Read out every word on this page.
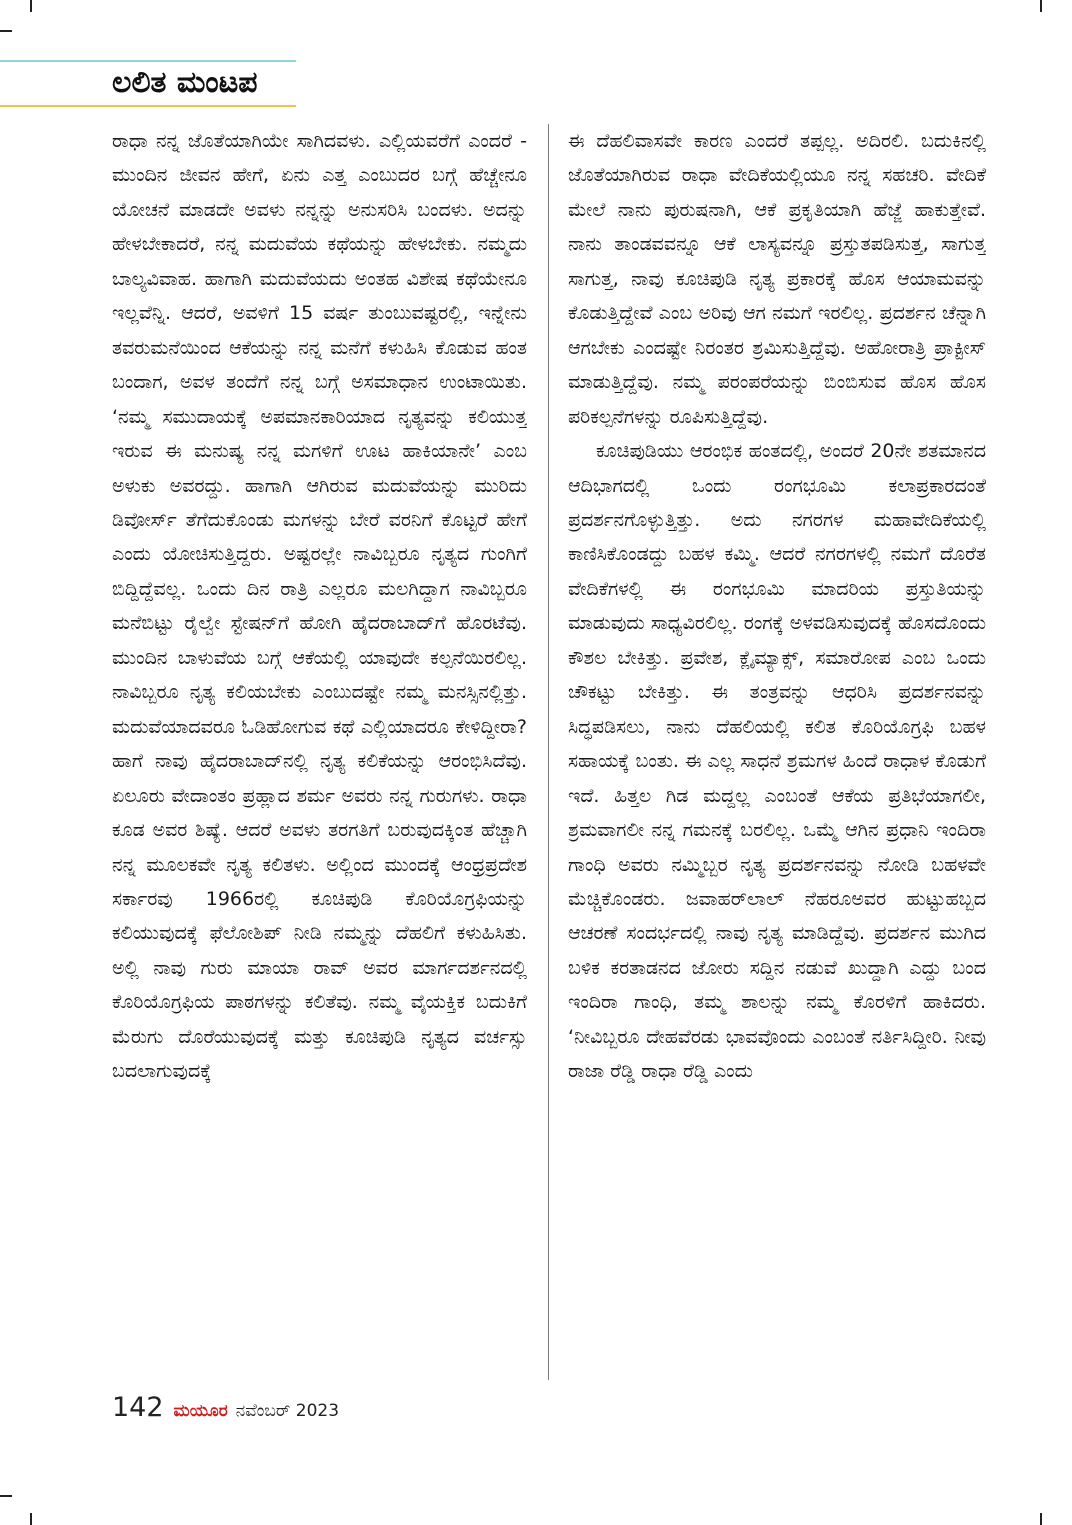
ಲಲಿತ ಮಂಟಪ

ರಾಧಾ ನನ್ನ ಜೊತೆಯಾಗಿಯೇ ಸಾಗಿದವಳು. ಎಲ್ಲಿಯವರೆಗೆ ಎಂದರೆ - ಮುಂದಿನ ಜೀವನ ಹೇಗೆ, ಏನು ಎತ್ತ ಎಂಬುದರ ಬಗ್ಗೆ ಹೆಚ್ಚೇನೂ ಯೋಚನೆ ಮಾಡದೇ ಅವಳು ನನ್ನನ್ನು ಅನುಸರಿಸಿ ಬಂದಳು. ಅದನ್ನು ಹೇಳಬೇಕಾದರೆ, ನನ್ನ ಮದುವೆಯ ಕಥೆಯನ್ನು ಹೇಳಬೇಕು. ನಮ್ಮದು ಬಾಲ್ಯವಿವಾಹ. ಹಾಗಾಗಿ ಮದುವೆಯದು ಅಂತಹ ವಿಶೇಷ ಕಥೆಯೇನೂ ಇಲ್ಲವೆನ್ನಿ. ಆದರೆ, ಅವಳಿಗೆ 15 ವರ್ಷ ತುಂಬುವಷ್ಟರಲ್ಲಿ, ಇನ್ನೇನು ತವರುಮನೆಯಿಂದ ಆಕೆಯನ್ನು ನನ್ನ ಮನೆಗೆ ಕಳುಹಿಸಿ ಕೊಡುವ ಹಂತ ಬಂದಾಗ, ಅವಳ ತಂದೆಗೆ ನನ್ನ ಬಗ್ಗೆ ಅಸಮಾಧಾನ ಉಂಟಾಯಿತು. ‘ನಮ್ಮ ಸಮುದಾಯಕ್ಕೆ ಅಪಮಾನಕಾರಿಯಾದ ನೃತ್ಯವನ್ನು ಕಲಿಯುತ್ತ ಇರುವ ಈ ಮನುಷ್ಯ ನನ್ನ ಮಗಳಿಗೆ ಊಟ ಹಾಕಿಯಾನೇ’ ಎಂಬ ಅಳುಕು ಅವರದ್ದು. ಹಾಗಾಗಿ ಆಗಿರುವ ಮದುವೆಯನ್ನು ಮುರಿದು ಡಿವೋರ್ಸ್ ತೆಗೆದುಕೊಂಡು ಮಗಳನ್ನು ಬೇರೆ ವರನಿಗೆ ಕೊಟ್ಟರೆ ಹೇಗೆ ಎಂದು ಯೋಚಿಸುತ್ತಿದ್ದರು. ಅಷ್ಟರಲ್ಲೇ ನಾವಿಬ್ಬರೂ ನೃತ್ಯದ ಗುಂಗಿಗೆ ಬಿದ್ದಿದ್ದೆವಲ್ಲ. ಒಂದು ದಿನ ರಾತ್ರಿ ಎಲ್ಲರೂ ಮಲಗಿದ್ದಾಗ ನಾವಿಬ್ಬರೂ ಮನೆಬಿಟ್ಟು ರೈಲ್ವೇ ಸ್ಟೇಷನ್‌ಗೆ ಹೋಗಿ ಹೈದರಾಬಾದ್‌ಗೆ ಹೊರಟೆವು. ಮುಂದಿನ ಬಾಳುವೆಯ ಬಗ್ಗೆ ಆಕೆಯಲ್ಲಿ ಯಾವುದೇ ಕಲ್ಪನೆಯಿರಲಿಲ್ಲ. ನಾವಿಬ್ಬರೂ ನೃತ್ಯ ಕಲಿಯಬೇಕು ಎಂಬುದಷ್ಟೇ ನಮ್ಮ ಮನಸ್ಸಿನಲ್ಲಿತ್ತು. ಮದುವೆಯಾದವರೂ ಓಡಿಹೋಗುವ ಕಥೆ ಎಲ್ಲಿಯಾದರೂ ಕೇಳಿದ್ದೀರಾ? ಹಾಗೆ ನಾವು ಹೈದರಾಬಾದ್‌ನಲ್ಲಿ ನೃತ್ಯ ಕಲಿಕೆಯನ್ನು ಆರಂಭಿಸಿದೆವು. ಏಲೂರು ವೇದಾಂತಂ ಪ್ರಹ್ಲಾದ ಶರ್ಮ ಅವರು ನನ್ನ ಗುರುಗಳು. ರಾಧಾ ಕೂಡ ಅವರ ಶಿಷ್ಯೆ. ಆದರೆ ಅವಳು ತರಗತಿಗೆ ಬರುವುದಕ್ಕಿಂತ ಹೆಚ್ಚಾಗಿ ನನ್ನ ಮೂಲಕವೇ ನೃತ್ಯ ಕಲಿತಳು. ಅಲ್ಲಿಂದ ಮುಂದಕ್ಕೆ ಆಂಧ್ರಪ್ರದೇಶ ಸರ್ಕಾರವು 1966ರಲ್ಲಿ ಕೂಚಿಪುಡಿ ಕೊರಿಯೊಗ್ರಫಿಯನ್ನು ಕಲಿಯುವುದಕ್ಕೆ ಫೆಲೋಶಿಪ್ ನೀಡಿ ನಮ್ಮನ್ನು ದೆಹಲಿಗೆ ಕಳುಹಿಸಿತು. ಅಲ್ಲಿ ನಾವು ಗುರು ಮಾಯಾ ರಾವ್ ಅವರ ಮಾರ್ಗದರ್ಶನದಲ್ಲಿ ಕೊರಿಯೊಗ್ರಫಿಯ ಪಾಠಗಳನ್ನು ಕಲಿತೆವು. ನಮ್ಮ ವೈಯಕ್ತಿಕ ಬದುಕಿಗೆ ಮೆರುಗು ದೊರೆಯುವುದಕ್ಕೆ ಮತ್ತು ಕೂಚಿಪುಡಿ ನೃತ್ಯದ ವರ್ಚಸ್ಸು ಬದಲಾಗುವುದಕ್ಕೆ

ಈ ದೆಹಲಿವಾಸವೇ ಕಾರಣ ಎಂದರೆ ತಪ್ಪಲ್ಲ. ಅದಿರಲಿ. ಬದುಕಿನಲ್ಲಿ ಜೊತೆಯಾಗಿರುವ ರಾಧಾ ವೇದಿಕೆಯಲ್ಲಿಯೂ ನನ್ನ ಸಹಚರಿ. ವೇದಿಕೆ ಮೇಲೆ ನಾನು ಪುರುಷನಾಗಿ, ಆಕೆ ಪ್ರಕೃತಿಯಾಗಿ ಹೆಜ್ಜೆ ಹಾಕುತ್ತೇವೆ. ನಾನು ತಾಂಡವವನ್ನೂ ಆಕೆ ಲಾಸ್ಯವನ್ನೂ ಪ್ರಸ್ತುತಪಡಿಸುತ್ತ, ಸಾಗುತ್ತ ಸಾಗುತ್ತ, ನಾವು ಕೂಚಿಪುಡಿ ನೃತ್ಯ ಪ್ರಕಾರಕ್ಕೆ ಹೊಸ ಆಯಾಮವನ್ನು ಕೊಡುತ್ತಿದ್ದೇವೆ ಎಂಬ ಅರಿವು ಆಗ ನಮಗೆ ಇರಲಿಲ್ಲ. ಪ್ರದರ್ಶನ ಚೆನ್ನಾಗಿ ಆಗಬೇಕು ಎಂದಷ್ಟೇ ನಿರಂತರ ಶ್ರಮಿಸುತ್ತಿದ್ದೆವು. ಅಹೋರಾತ್ರಿ ಪ್ರಾಕ್ಟೀಸ್ ಮಾಡುತ್ತಿದ್ದೆವು. ನಮ್ಮ ಪರಂಪರೆಯನ್ನು ಬಿಂಬಿಸುವ ಹೊಸ ಹೊಸ ಪರಿಕಲ್ಪನೆಗಳನ್ನು ರೂಪಿಸುತ್ತಿದ್ದೆವು.

ಕೂಚಿಪುಡಿಯು ಆರಂಭಿಕ ಹಂತದಲ್ಲಿ, ಅಂದರೆ 20ನೇ ಶತಮಾನದ ಆದಿಭಾಗದಲ್ಲಿ ಒಂದು ರಂಗಭೂಮಿ ಕಲಾಪ್ರಕಾರದಂತೆ ಪ್ರದರ್ಶನಗೊಳ್ಳುತ್ತಿತ್ತು. ಅದು ನಗರಗಳ ಮಹಾವೇದಿಕೆಯಲ್ಲಿ ಕಾಣಿಸಿಕೊಂಡದ್ದು ಬಹಳ ಕಮ್ಮಿ. ಆದರೆ ನಗರಗಳಲ್ಲಿ ನಮಗೆ ದೊರೆತ ವೇದಿಕೆಗಳಲ್ಲಿ ಈ ರಂಗಭೂಮಿ ಮಾದರಿಯ ಪ್ರಸ್ತುತಿಯನ್ನು ಮಾಡುವುದು ಸಾಧ್ಯವಿರಲಿಲ್ಲ. ರಂಗಕ್ಕೆ ಅಳವಡಿಸುವುದಕ್ಕೆ ಹೊಸದೊಂದು ಕೌಶಲ ಬೇಕಿತ್ತು. ಪ್ರವೇಶ, ಕ್ಲೈಮ್ಯಾಕ್ಸ್, ಸಮಾರೋಪ ಎಂಬ ಒಂದು ಚೌಕಟ್ಟು ಬೇಕಿತ್ತು. ಈ ತಂತ್ರವನ್ನು ಆಧರಿಸಿ ಪ್ರದರ್ಶನವನ್ನು ಸಿದ್ಧಪಡಿಸಲು, ನಾನು ದೆಹಲಿಯಲ್ಲಿ ಕಲಿತ ಕೊರಿಯೊಗ್ರಫಿ ಬಹಳ ಸಹಾಯಕ್ಕೆ ಬಂತು. ಈ ಎಲ್ಲ ಸಾಧನೆ ಶ್ರಮಗಳ ಹಿಂದೆ ರಾಧಾಳ ಕೊಡುಗೆ ಇದೆ. ಹಿತ್ತಲ ಗಿಡ ಮದ್ದಲ್ಲ ಎಂಬಂತೆ ಆಕೆಯ ಪ್ರತಿಭೆಯಾಗಲೀ, ಶ್ರಮವಾಗಲೀ ನನ್ನ ಗಮನಕ್ಕೆ ಬರಲಿಲ್ಲ. ಒಮ್ಮೆ ಆಗಿನ ಪ್ರಧಾನಿ ಇಂದಿರಾ ಗಾಂಧಿ ಅವರು ನಮ್ಮಿಬ್ಬರ ನೃತ್ಯ ಪ್ರದರ್ಶನವನ್ನು ನೋಡಿ ಬಹಳವೇ ಮೆಚ್ಚಿಕೊಂಡರು. ಜವಾಹರ್‌ಲಾಲ್ ನೆಹರೂಅವರ ಹುಟ್ಟುಹಬ್ಬದ ಆಚರಣೆ ಸಂದರ್ಭದಲ್ಲಿ ನಾವು ನೃತ್ಯ ಮಾಡಿದ್ದೆವು. ಪ್ರದರ್ಶನ ಮುಗಿದ ಬಳಿಕ ಕರತಾಡನದ ಜೋರು ಸದ್ದಿನ ನಡುವೆ ಖುದ್ದಾಗಿ ಎದ್ದು ಬಂದ ಇಂದಿರಾ ಗಾಂಧಿ, ತಮ್ಮ ಶಾಲನ್ನು ನಮ್ಮ ಕೊರಳಿಗೆ ಹಾಕಿದರು. ‘ನೀವಿಬ್ಬರೂ ದೇಹವೆರಡು ಭಾವವೊಂದು ಎಂಬಂತೆ ನರ್ತಿಸಿದ್ದೀರಿ. ನೀವು ರಾಜಾ ರೆಡ್ಡಿ ರಾಧಾ ರೆಡ್ಡಿ ಎಂದು

142 ಮಯೂರ ನವೆಂಬರ್ 2023
